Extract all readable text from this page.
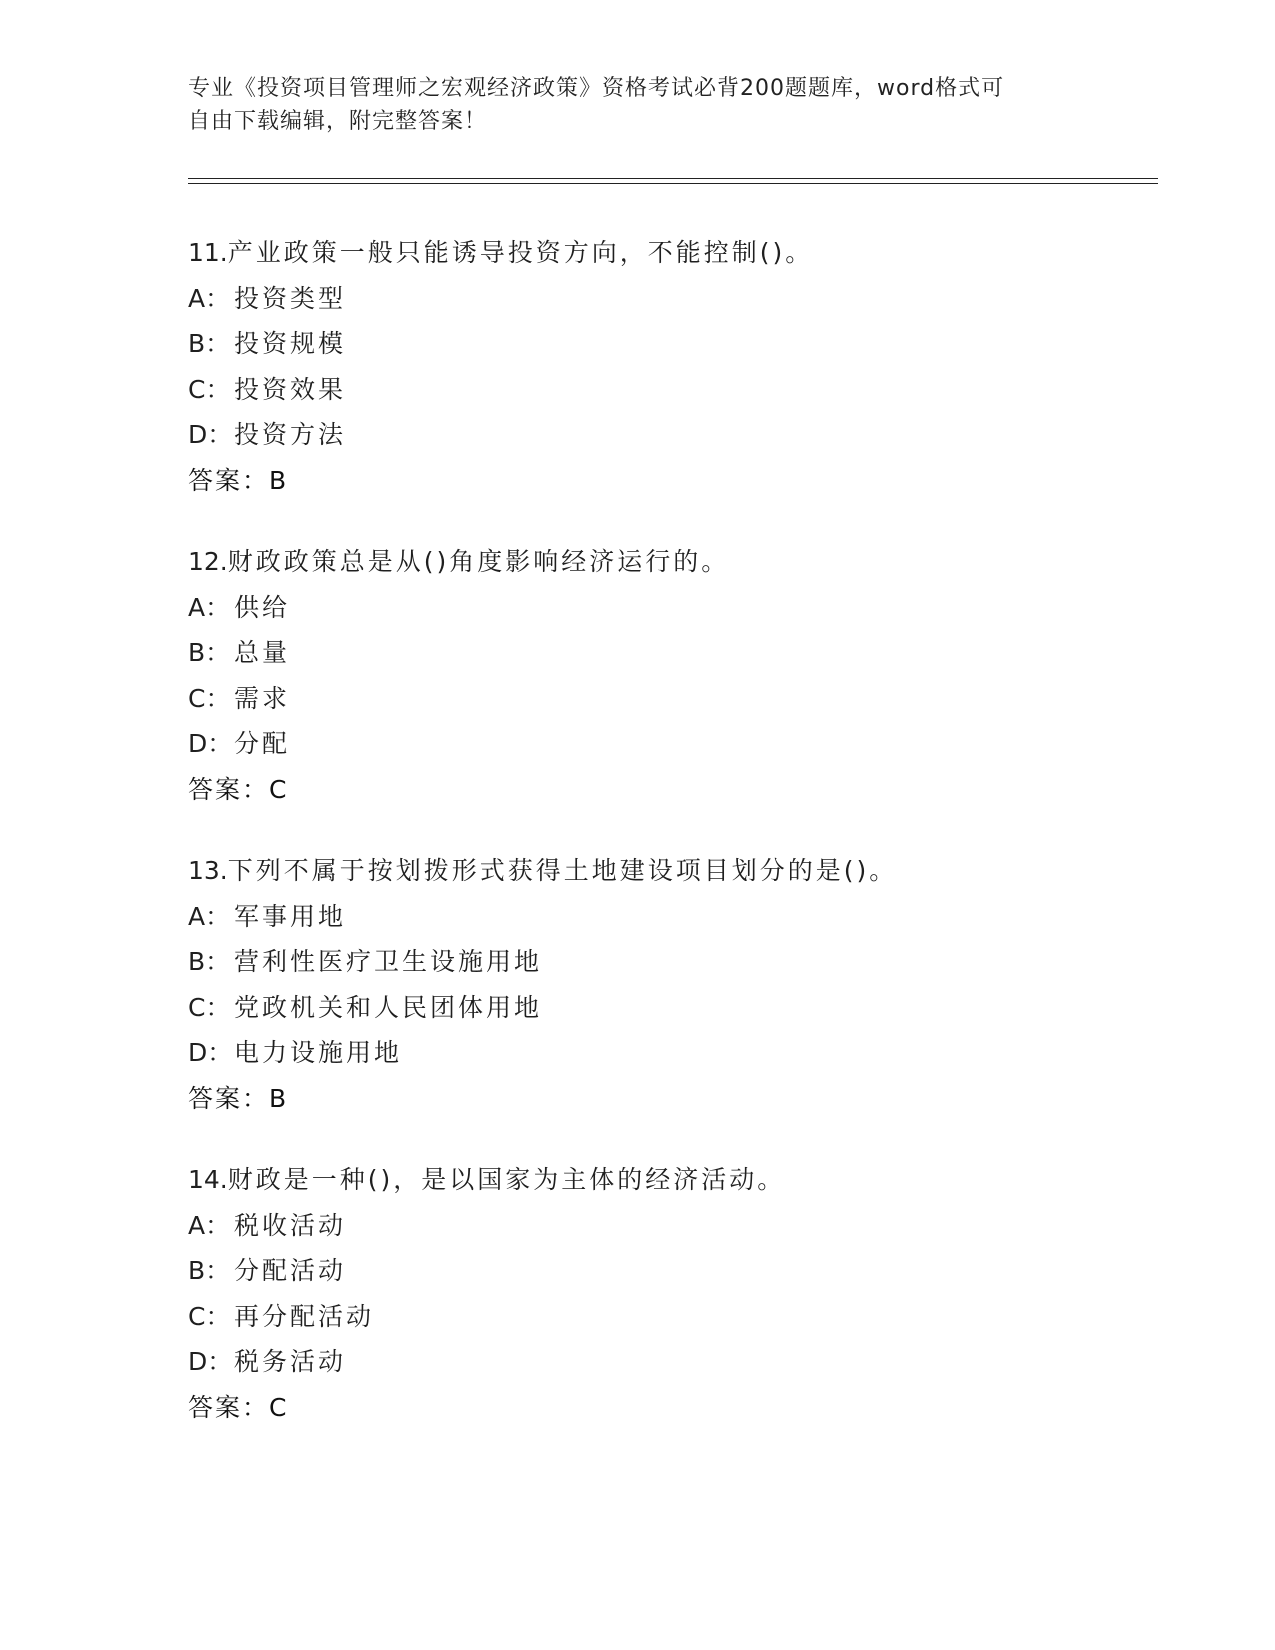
专业《投资项目管理师之宏观经济政策》资格考试必背200题题库，word格式可
自由下载编辑，附完整答案！
11.产业政策一般只能诱导投资方向，不能控制()。
A： 投资类型
B： 投资规模
C： 投资效果
D：投资方法
答案：B
12.财政政策总是从()角度影响经济运行的。
A： 供给
B： 总量
C： 需求
D：分配
答案：C
13.下列不属于按划拨形式获得土地建设项目划分的是()。
A： 军事用地
B： 营利性医疗卫生设施用地
C： 党政机关和人民团体用地
D：电力设施用地
答案：B
14.财政是一种()，是以国家为主体的经济活动。
A： 税收活动
B： 分配活动
C： 再分配活动
D：税务活动
答案：C
